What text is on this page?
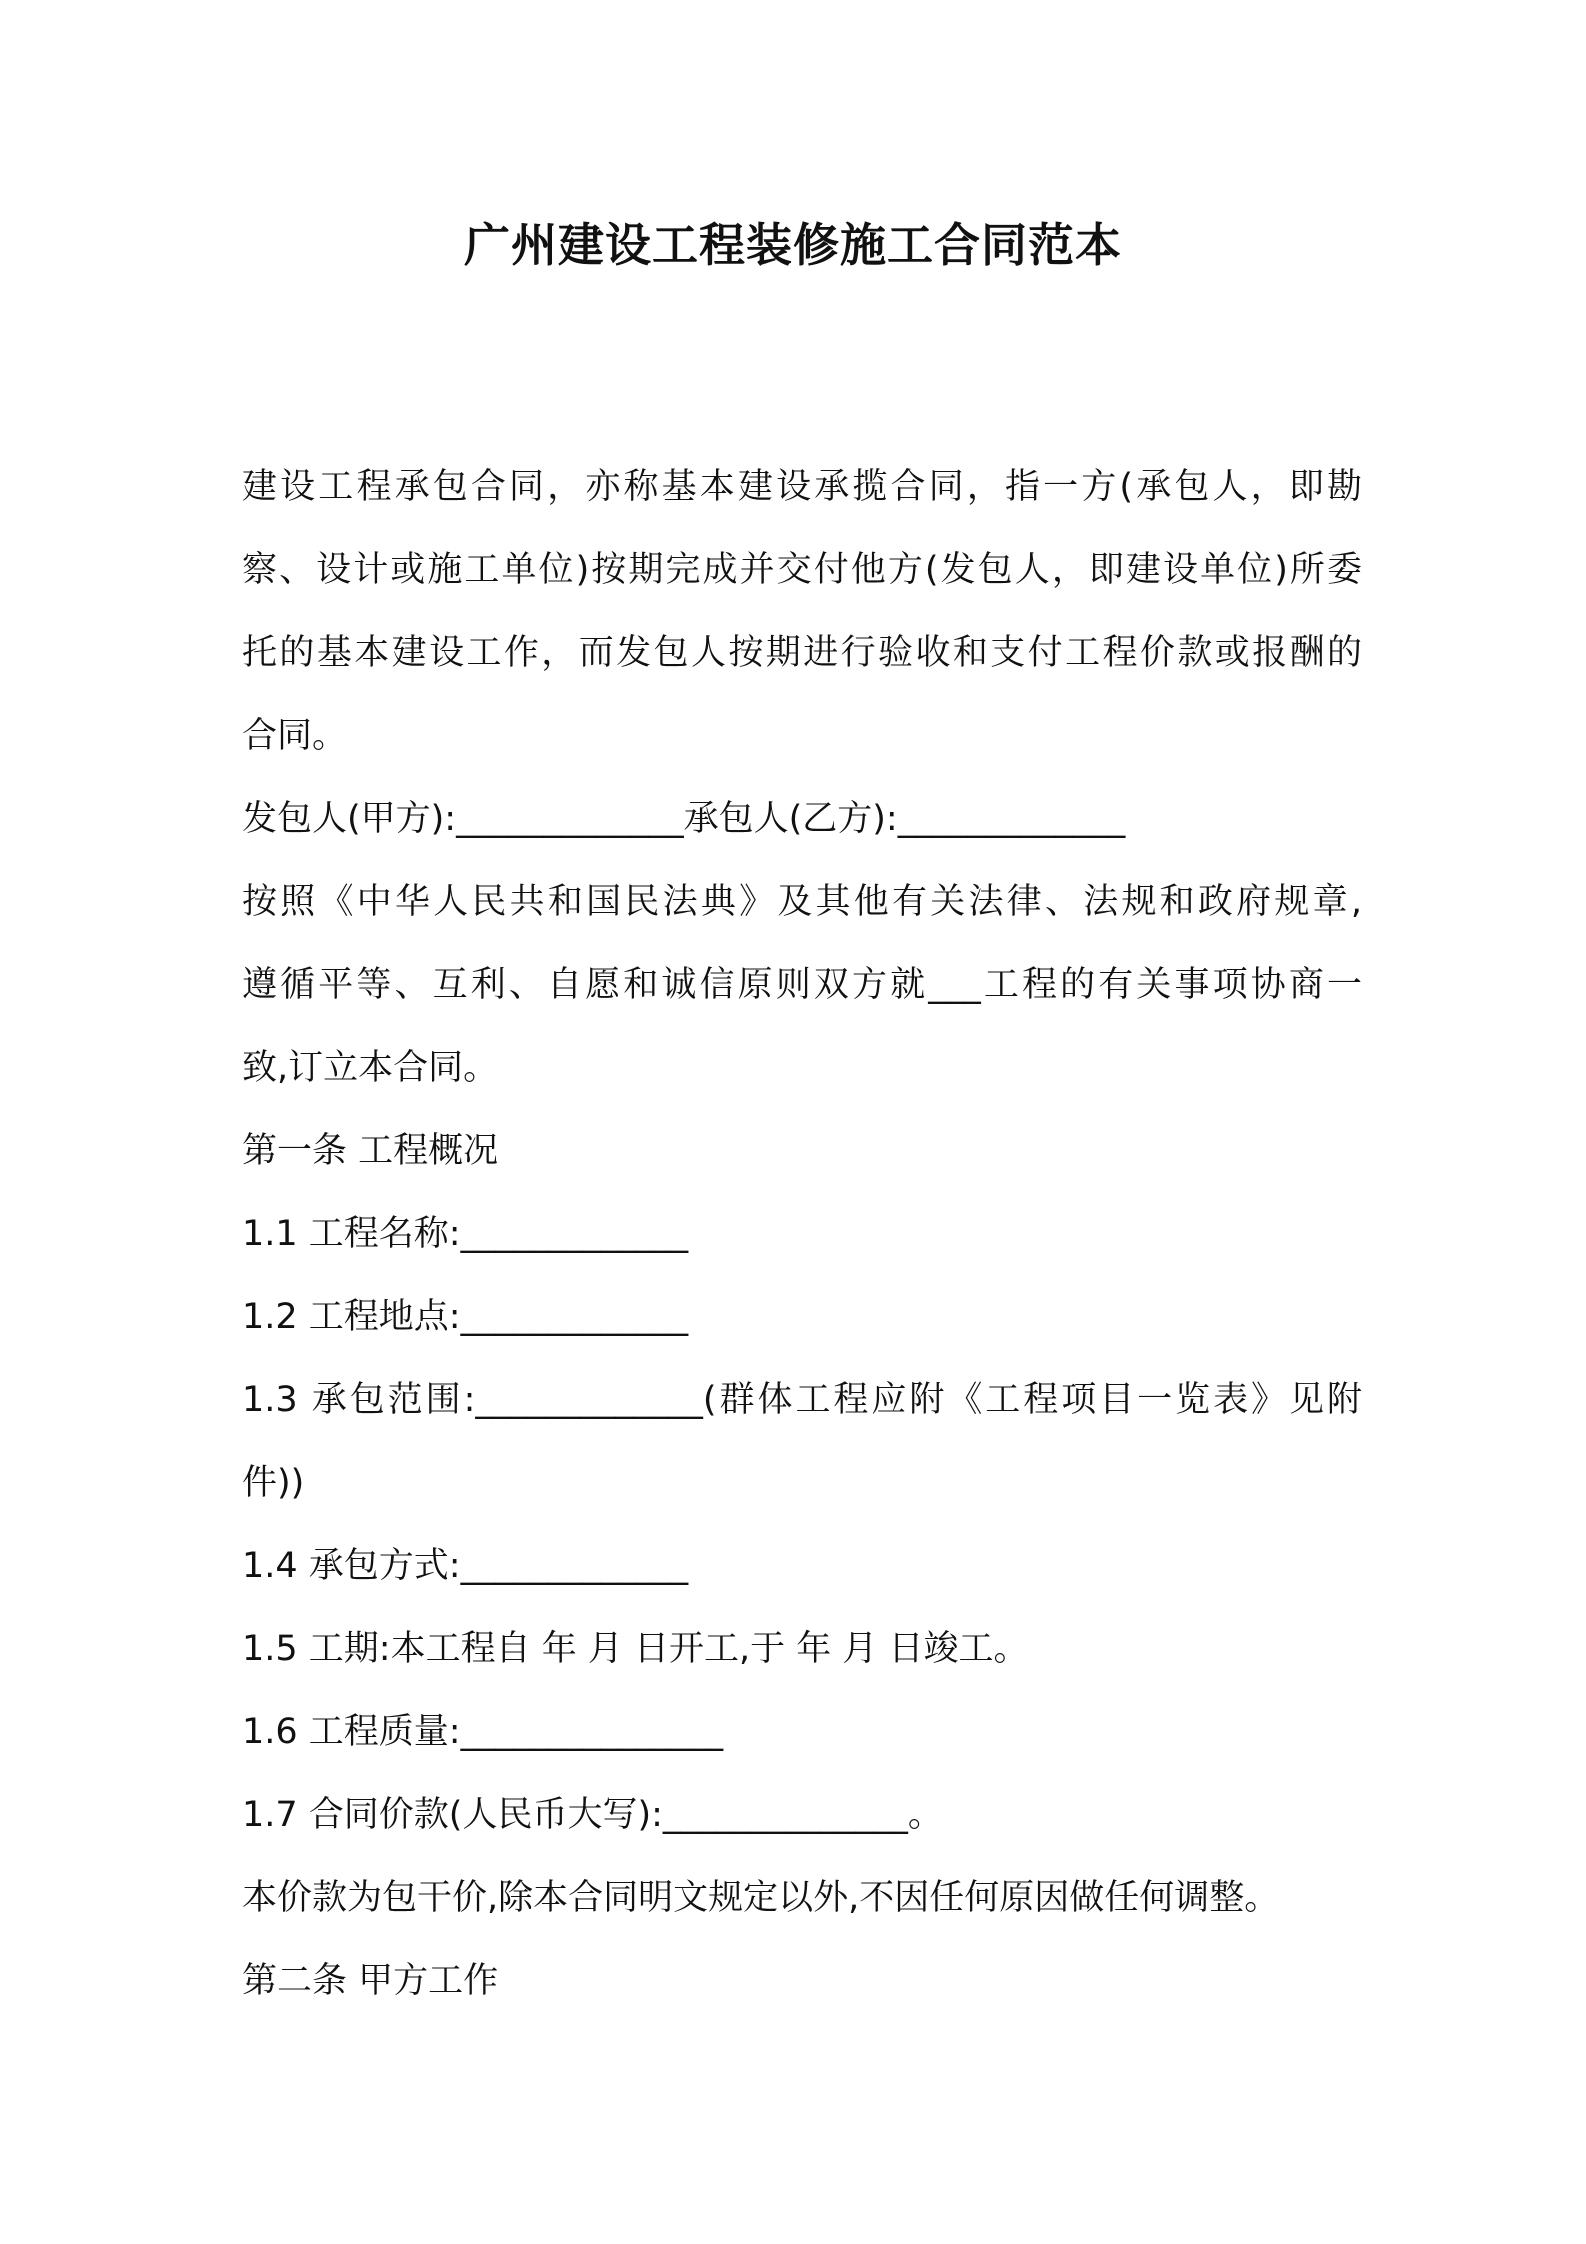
广州建设工程装修施工合同范本
建设工程承包合同，亦称基本建设承揽合同，指一方(承包人，即勘
察、设计或施工单位)按期完成并交付他方(发包人，即建设单位)所委
托的基本建设工作，而发包人按期进行验收和支付工程价款或报酬的
合同。
发包人(甲方):_____________承包人(乙方):_____________
按照《中华人民共和国民法典》及其他有关法律、法规和政府规章,
遵循平等、互利、自愿和诚信原则双方就___工程的有关事项协商一
致,订立本合同。
第一条 工程概况
1.1 工程名称:_____________
1.2 工程地点:_____________
1.3 承包范围:_____________(群体工程应附《工程项目一览表》见附
件))
1.4 承包方式:_____________
1.5 工期:本工程自 年 月 日开工,于 年 月 日竣工。
1.6 工程质量:_______________
1.7 合同价款(人民币大写):______________。
本价款为包干价,除本合同明文规定以外,不因任何原因做任何调整。
第二条 甲方工作
